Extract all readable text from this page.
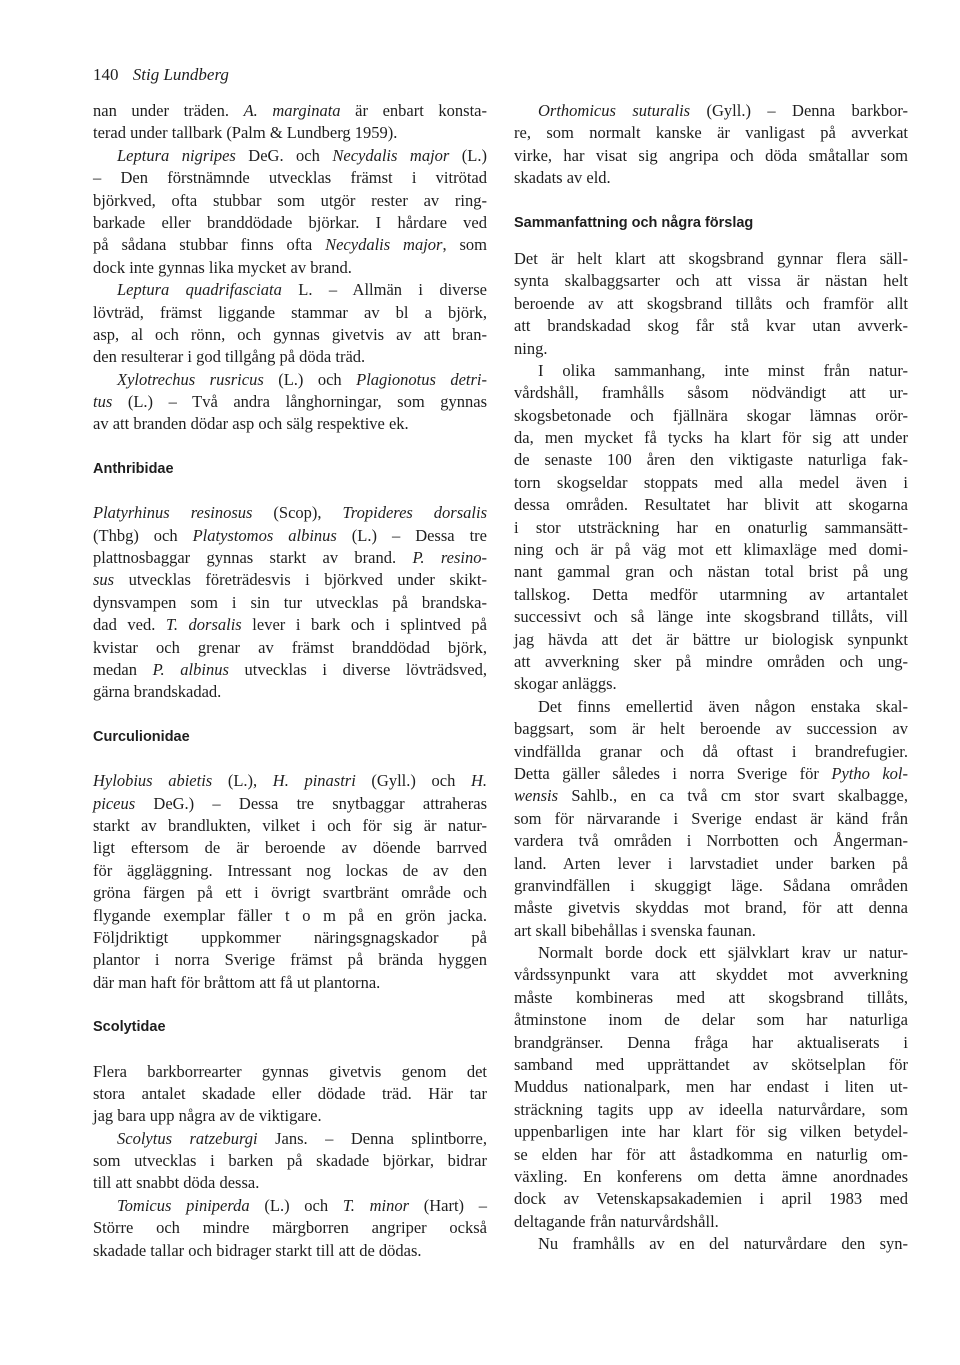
140 Stig Lundberg
nan under träden. A. marginata är enbart konsta-
terad under tallbark (Palm & Lundberg 1959).
Leptura nigripes DeG. och Necydalis major (L.)
– Den förstnämnde utvecklas främst i vitrötad
björkved, ofta stubbar som utgör rester av ring-
barkade eller branddödade björkar. I hårdare ved
på sådana stubbar finns ofta Necydalis major, som
dock inte gynnas lika mycket av brand.
Leptura quadrifasciata L. – Allmän i diverse
lövträd, främst liggande stammar av bl a björk,
asp, al och rönn, och gynnas givetvis av att bran-
den resulterar i god tillgång på döda träd.
Xylotrechus rusricus (L.) och Plagionotus detri-
tus (L.) – Två andra långhorningar, som gynnas
av att branden dödar asp och sälg respektive ek.
Anthribidae
Platyrhinus resinosus (Scop), Tropideres dorsalis
(Thbg) och Platystomos albinus (L.) – Dessa tre
plattnosbaggar gynnas starkt av brand. P. resino-
sus utvecklas företrädesvis i björkved under skikt-
dynsvampen som i sin tur utvecklas på brandska-
dad ved. T. dorsalis lever i bark och i splintved på
kvistar och grenar av främst branddödad björk,
medan P. albinus utvecklas i diverse lövträdsved,
gärna brandskadad.
Curculionidae
Hylobius abietis (L.), H. pinastri (Gyll.) och H.
piceus DeG.) – Dessa tre snytbaggar attraheras
starkt av brandlukten, vilket i och för sig är natur-
ligt eftersom de är beroende av döende barrved
för äggläggning. Intressant nog lockas de av den
gröna färgen på ett i övrigt svartbränt område och
flygande exemplar fäller t o m på en grön jacka.
Följdriktigt uppkommer näringsgnagskador på
plantor i norra Sverige främst på brända hyggen
där man haft för bråttom att få ut plantorna.
Scolytidae
Flera barkborrearter gynnas givetvis genom det
stora antalet skadade eller dödade träd. Här tar
jag bara upp några av de viktigare.
Scolytus ratzeburgi Jans. – Denna splintborre,
som utvecklas i barken på skadade björkar, bidrar
till att snabbt döda dessa.
Tomicus piniperda (L.) och T. minor (Hart) –
Större och mindre märgborren angriper också
skadade tallar och bidrager starkt till att de dödas.
Orthomicus suturalis (Gyll.) – Denna barkbor-
re, som normalt kanske är vanligast på avverkat
virke, har visat sig angripa och döda småtallar som
skadats av eld.
Sammanfattning och några förslag
Det är helt klart att skogsbrand gynnar flera säll-
synta skalbaggsarter och att vissa är nästan helt
beroende av att skogsbrand tillåts och framför allt
att brandskadad skog får stå kvar utan avverk-
ning.
I olika sammanhang, inte minst från natur-
vårdshåll, framhålls såsom nödvändigt att ur-
skogsbetonade och fjällnära skogar lämnas orör-
da, men mycket få tycks ha klart för sig att under
de senaste 100 åren den viktigaste naturliga fak-
torn skogseldar stoppats med alla medel även i
dessa områden. Resultatet har blivit att skogarna
i stor utsträckning har en onaturlig sammansätt-
ning och är på väg mot ett klimaxläge med domi-
nant gammal gran och nästan total brist på ung
tallskog. Detta medför utarmning av artantalet
successivt och så länge inte skogsbrand tillåts, vill
jag hävda att det är bättre ur biologisk synpunkt
att avverkning sker på mindre områden och ung-
skogar anläggs.
Det finns emellertid även någon enstaka skal-
baggsart, som är helt beroende av succession av
vindfällda granar och då oftast i brandrefugier.
Detta gäller således i norra Sverige för Pytho kol-
wensis Sahlb., en ca två cm stor svart skalbagge,
som för närvarande i Sverige endast är känd från
vardera två områden i Norrbotten och Ångerman-
land. Arten lever i larvstadiet under barken på
granvindfällen i skuggigt läge. Sådana områden
måste givetvis skyddas mot brand, för att denna
art skall bibehållas i svenska faunan.
Normalt borde dock ett självklart krav ur natur-
vårdssynpunkt vara att skyddet mot avverkning
måste kombineras med att skogsbrand tillåts,
åtminstone inom de delar som har naturliga
brandgränser. Denna fråga har aktualiserats i
samband med upprättandet av skötselplan för
Muddus nationalpark, men har endast i liten ut-
sträckning tagits upp av ideella naturvårdare, som
uppenbarligen inte har klart för sig vilken betydel-
se elden har för att åstadkomma en naturlig om-
växling. En konferens om detta ämne anordnades
dock av Vetenskapsakademien i april 1983 med
deltagande från naturvårdshåll.
Nu framhålls av en del naturvårdare den syn-
